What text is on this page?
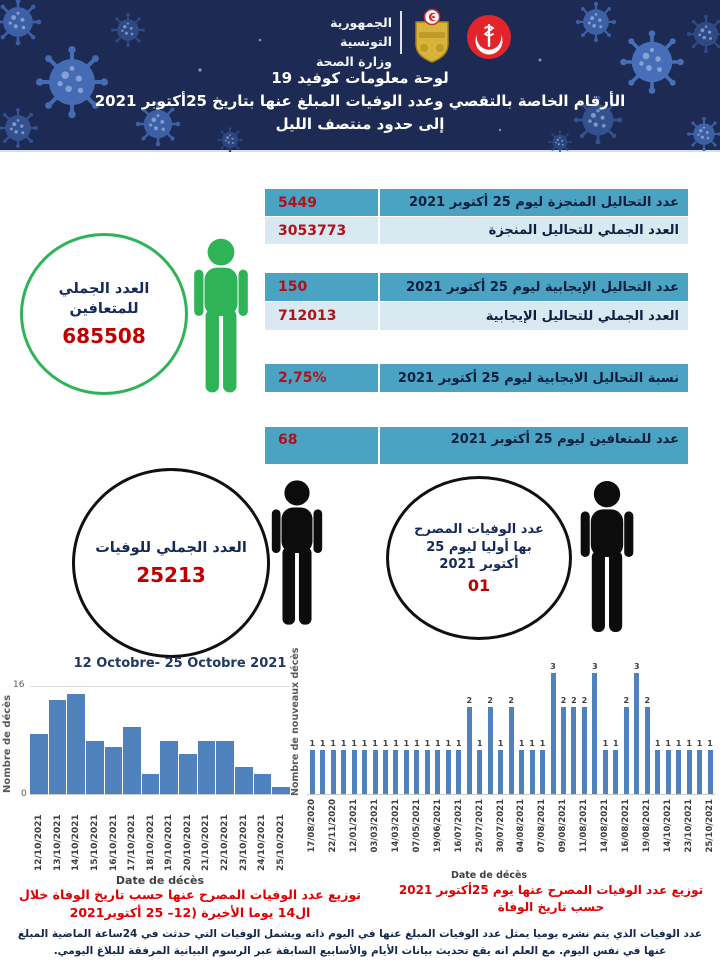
الجمهورية التونسية
وزارة الصحة
لوحة معلومات كوفيد 19
الأرقام الخاصة بالتقصي وعدد الوفيات المبلغ عنها بتاريخ 25أكتوبر 2021
إلى حدود منتصف الليل
5449	عدد التحاليل المنجزة ليوم 25 أكتوبر 2021
3053773	العدد الجملي للتحاليل المنجزة
150	عدد التحاليل الإيجابية ليوم 25 أكتوبر 2021
712013	العدد الجملي للتحاليل الإيجابية
2,75%	نسبة التحاليل الايجابية ليوم 25 أكتوبر 2021
68	عدد للمتعافين ليوم 25 أكتوبر 2021
العدد الجملي للمتعافين
685508
العدد الجملي للوفيات
25213
عدد الوفيات المصرح بها أوليا ليوم 25 أكتوبر 2021
01
12 Octobre- 25 Octobre 2021
16
0
Nombre de décès
12/10/2021 13/10/2021 14/10/2021 15/10/2021 16/10/2021 17/10/2021 18/10/2021 19/10/2021 20/10/2021 21/10/2021 22/10/2021 23/10/2021 24/10/2021 25/10/2021
Date de décès
Nombre de nouveaux décès 1 1 1 1 1 1 1 1 1 1 1 1 1 1 1
2
1
2
1
2
1 1 1
3
2 2 2
3
1 1
2
3
2
1 1 1 1 1 1
17/08/2020 22/11/2020 12/01/2021 03/03/2021 14/03/2021 07/05/2021 19/06/2021 16/07/2021 25/07/2021 30/07/2021 04/08/2021 07/08/2021 09/08/2021 11/08/2021 14/08/2021 16/08/2021 19/08/2021 14/10/2021 23/10/2021 25/10/2021
Date de décès
توزيع عدد الوفيات المصرح عنها حسب تاريخ الوفاة خلال ال14 يوما الأخيرة (12– 25 أكتوبر2021
توزيع عدد الوفيات المصرح عنها يوم 25أكتوبر 2021 حسب تاريخ الوفاة
عدد الوفيات الذي يتم نشره يوميا يمثل عدد الوفيات المبلغ عنها في اليوم ذاته ويشمل الوفيات التي حدثت في 24ساعة الماضية المبلغ عنها في نفس اليوم. مع العلم انه يقع تحديث بيانات الأيام والأسابيع السابقة عبر الرسوم البيانية المرفقة للبلاغ اليومي.
